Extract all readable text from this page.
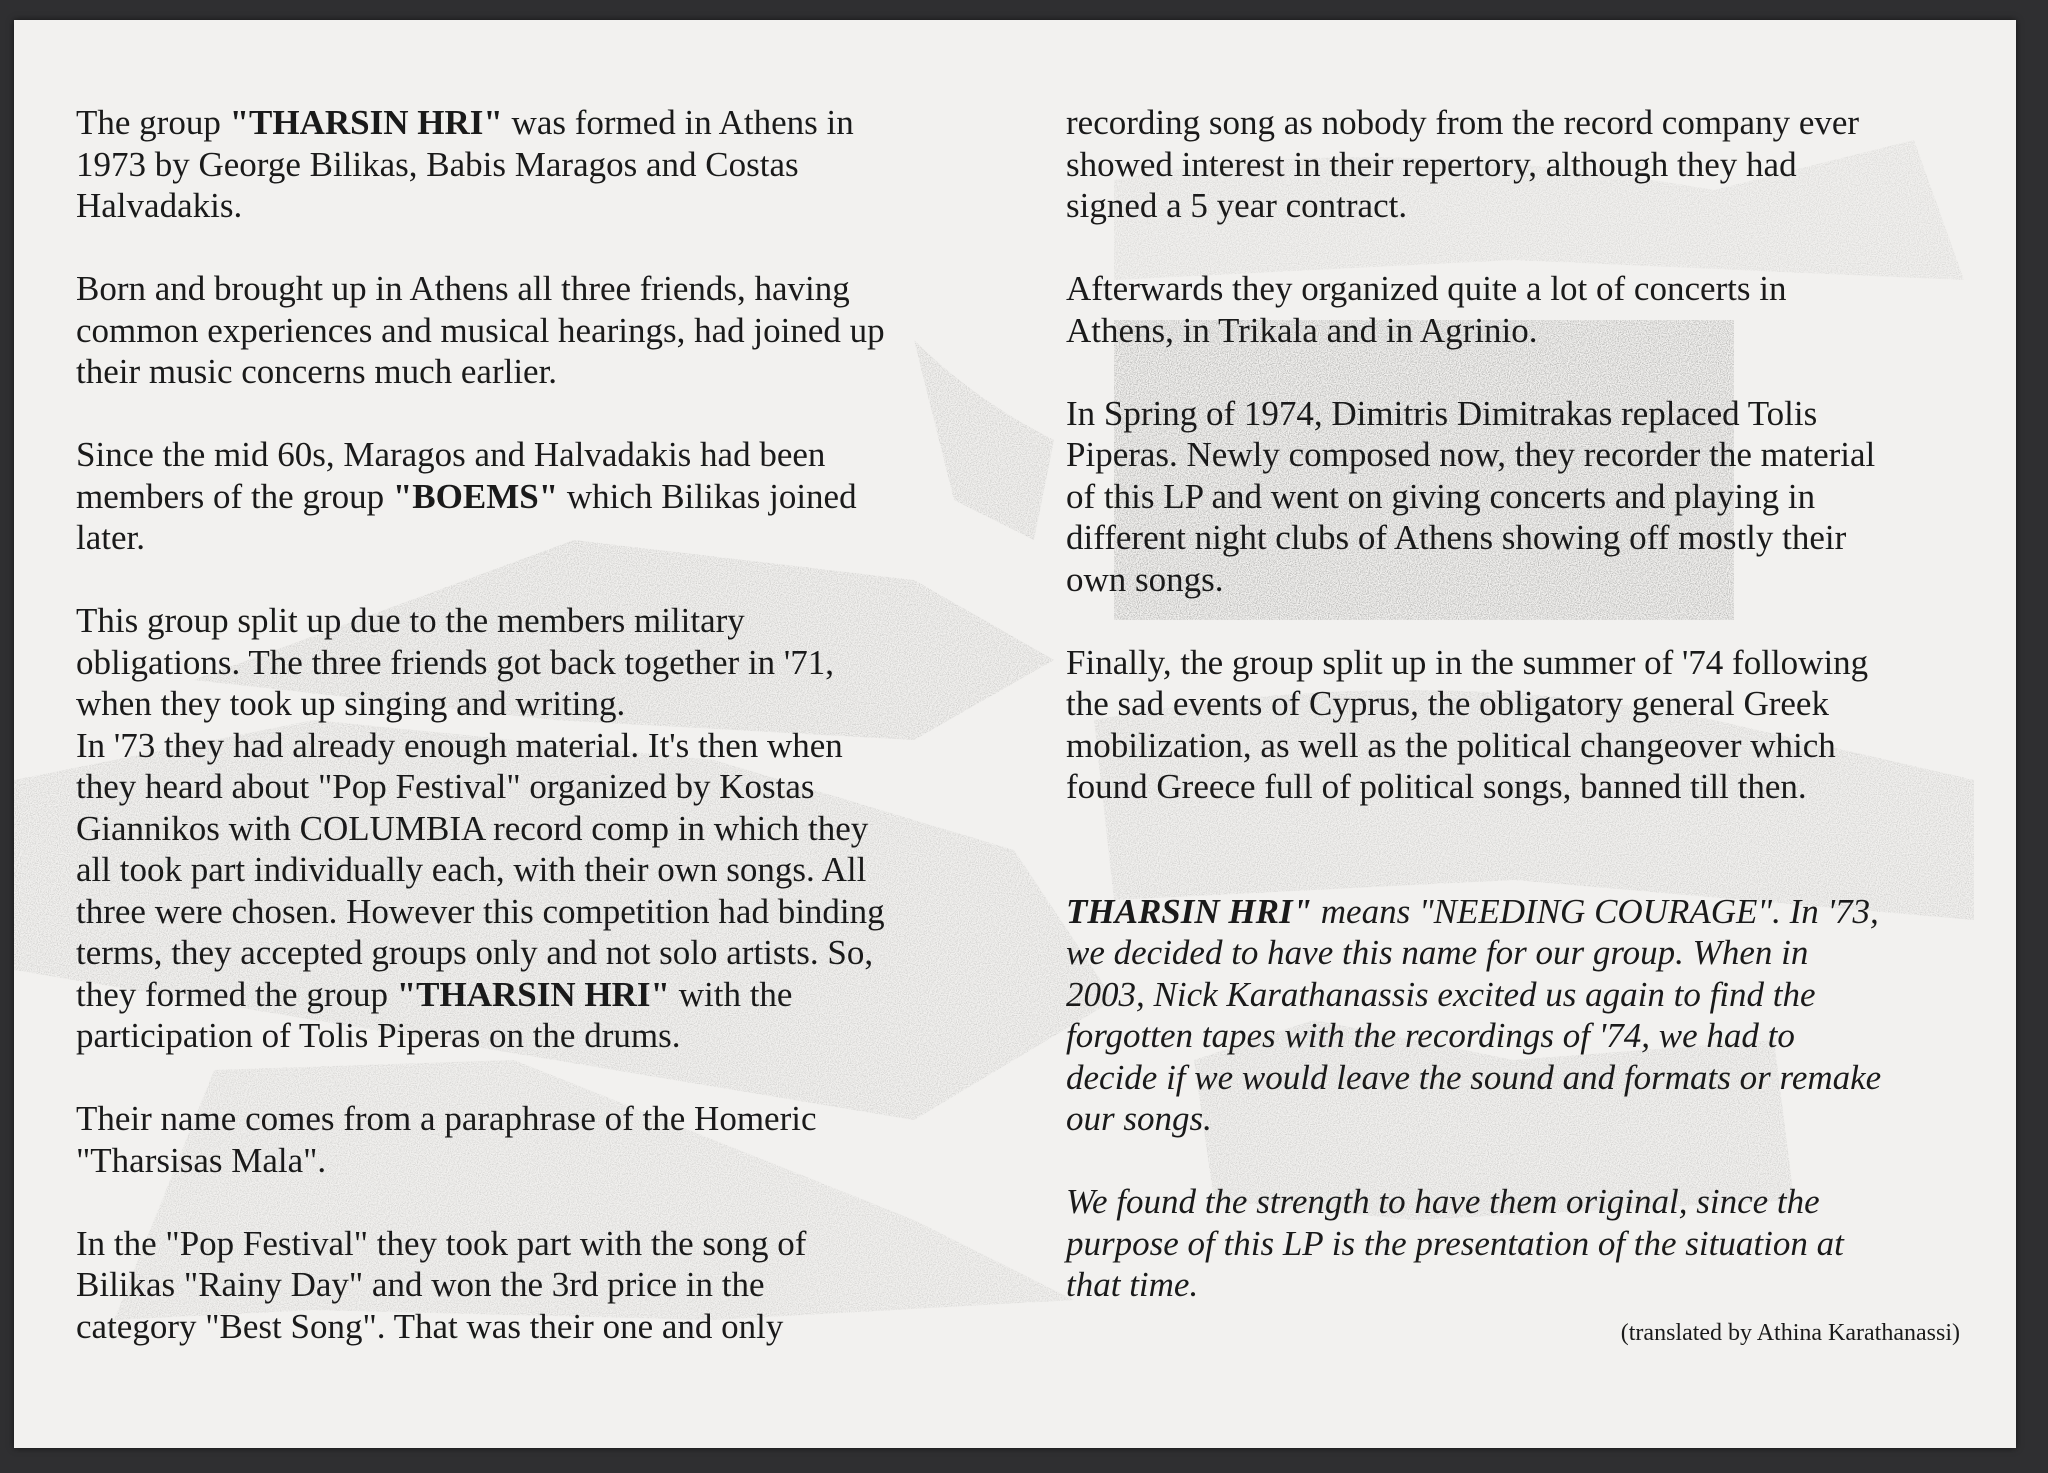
The group "THARSIN HRI" was formed in Athens in

1973 by George Bilikas, Babis Maragos and Costas

Halvadakis.

Born and brought up in Athens all three friends, having

common experiences and musical hearings, had joined up

their music concerns much earlier.

Since the mid 60s, Maragos and Halvadakis had been

members of the group "BOEMS" which Bilikas joined

later.

This group split up due to the members military

obligations. The three friends got back together in '71,

when they took up singing and writing.

In '73 they had already enough material. It's then when

they heard about "Pop Festival" organized by Kostas

Giannikos with COLUMBIA record comp in which they

all took part individually each, with their own songs. All

three were chosen. However this competition had binding

terms, they accepted groups only and not solo artists. So,

they formed the group "THARSIN HRI" with the

participation of Tolis Piperas on the drums.

Their name comes from a paraphrase of the Homeric

"Tharsisas Mala".

In the "Pop Festival" they took part with the song of

Bilikas "Rainy Day" and won the 3rd price in the

category "Best Song". That was their one and only

recording song as nobody from the record company ever

showed interest in their repertory, although they had

signed a 5 year contract.

Afterwards they organized quite a lot of concerts in

Athens, in Trikala and in Agrinio.

In Spring of 1974, Dimitris Dimitrakas replaced Tolis

Piperas. Newly composed now, they recorder the material

of this LP and went on giving concerts and playing in

different night clubs of Athens showing off mostly their

own songs.

Finally, the group split up in the summer of '74 following

the sad events of Cyprus, the obligatory general Greek

mobilization, as well as the political changeover which

found Greece full of political songs, banned till then.

THARSIN HRI" means "NEEDING COURAGE". In '73,

we decided to have this name for our group. When in

2003, Nick Karathanassis excited us again to find the

forgotten tapes with the recordings of '74, we had to

decide if we would leave the sound and formats or remake

our songs.

We found the strength to have them original, since the

purpose of this LP is the presentation of the situation at

that time.

(translated by Athina Karathanassi)
